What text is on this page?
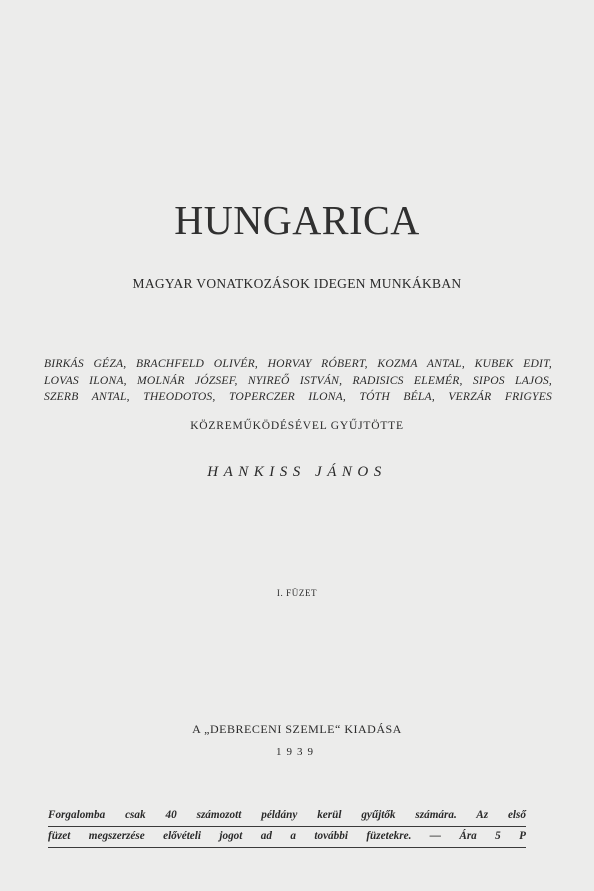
HUNGARICA
MAGYAR VONATKOZÁSOK IDEGEN MUNKÁKBAN
BIRKÁS GÉZA, BRACHFELD OLIVÉR, HORVAY RÓBERT, KOZMA ANTAL, KUBEK EDIT,
LOVAS ILONA, MOLNÁR JÓZSEF, NYIREŐ ISTVÁN, RADISICS ELEMÉR, SIPOS LAJOS,
SZERB ANTAL, THEODOTOS, TOPERCZER ILONA, TÓTH BÉLA, VERZÁR FRIGYES
KÖZREMŰKÖDÉSÉVEL GYŰJTÖTTE
HANKISS JÁNOS
I. FÜZET
A „DEBRECENI SZEMLE“ KIADÁSA
1939
Forgalomba csak 40 számozott példány kerül gyűjtők számára. Az első
füzet megszerzése elővételi jogot ad a további füzetekre. — Ára 5 P
